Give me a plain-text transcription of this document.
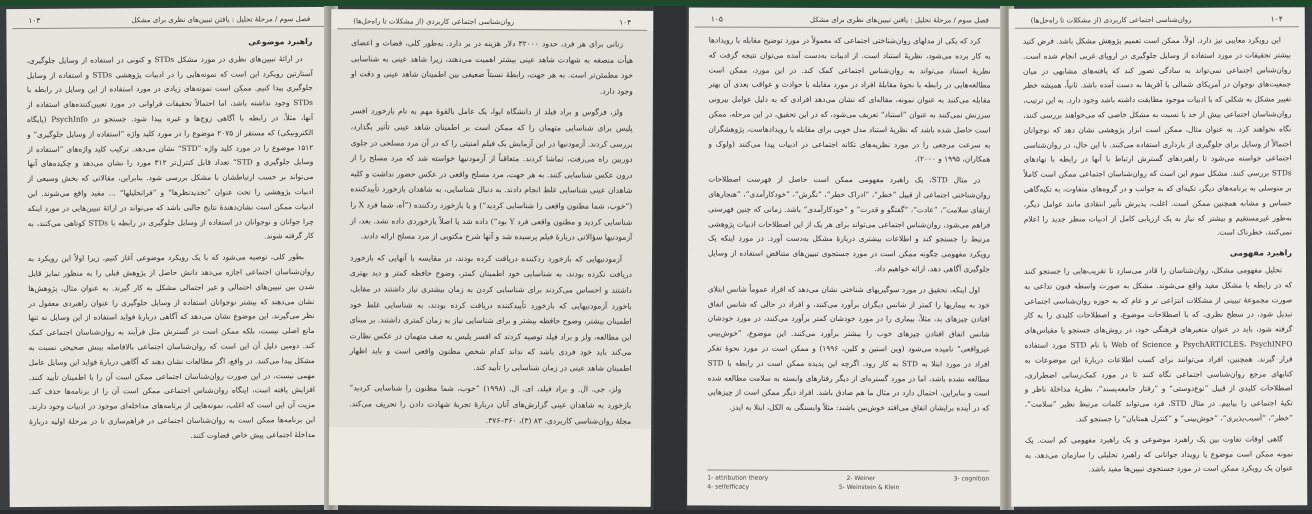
فصل سوم / مرحلهٔ تحلیل : یافتن تبیین‌های نظری برای مشکل
۱۰۳
راهبرد موضوعی

در ارائهٔ تبیین‌های نظری در مورد مشکل STDs و کنونی در استفاده از وسایل جلوگیری، آستارتین رویکرد این است که نمونه‌هایی را در ادبیات پژوهشی STDs و استفاده از وسایل جلوگیری پیدا کنیم. ممکن است نمونه‌های زیادی در مورد استفاده از این وسایل در رابطه با STDs وجود نداشته باشد، اما احتمالاً تحقیقات فراوانی در مورد تعیین‌کننده‌های استفاده از آنها، مثلاً، در رابطه با آگاهی زوج‌ها و غیره پیدا شود. جستجو در PsychInfo (پایگاه الکترونیکی) که مستقر از ۲۰۷۵ موضوع را در مورد کلید واژه ”استفاده از وسایل جلوگیری“ و ۱۵۱۲ موضوع را در مورد کلید واژه ”STD“ نشان می‌دهد. ترکیب کلید واژه‌های ”استفاده از وسایل جلوگیری و STD“ تعداد قابل کنترل‌تر ۳۱۲ مورد را نشان می‌دهد و چکیده‌های آنها می‌تواند بر حسب ارتباطشان با مشکل بررسی شود. بنابراین، مقالاتی که بخش وسیعی از ادبیات پژوهشی را تحت عنوان ”تجدیدنظرها“ و ”فراتحلیلها“ ... مفید واقع می‌شوند. این ادبیات ممکن است نشان‌دهندهٔ نتایج جالبی باشد که می‌تواند در ارائهٔ تبیین‌هایی در مورد اینکه چرا جوانان و نوجوانان در استفاده از وسایل جلوگیری در رابطه با STDs کوتاهی می‌کنند، به کار گرفته شوند.

بطور کلی، توصیه می‌شود که با یک رویکرد موضوعی آغاز کنیم، زیرا اولاً این رویکرد به روان‌شناسان اجتماعی اجازه می‌دهد دانش حاصل از پژوهش قبلی را به منظور تمایز قایل شدن بین تبیین‌های احتمالی و غیر احتمالی مشکل به کار گیرند. به عنوان مثال، پژوهش‌ها نشان می‌دهند که بیشتر نوجوانان استفاده از وسایل جلوگیری را عنوان راهبردی معقول در نظر می‌گیرند. این موضوع نشان می‌دهد که آگاهی دربارهٔ فواید استفاده از این وسایل نه تنها مانع اصلی نیست، بلکه ممکن است در گسترش مثل فرآیند به روان‌شناسان اجتماعی کمک کند. دومین دلیل آن این است که روان‌شناسان اجتماعی بالافاصله بینش صحیحی نسبت به مشکل پیدا می‌کنند. در واقع، اگر مطالعات نشان دهند که آگاهی دربارهٔ فواید این وسایل عامل مهمی نیست، در این صورت روان‌شناسان اجتماعی ممکن است آن را با اطمینان تأیید کنند. افزایش یافته است، اینگاه روان‌شناس اجتماعی ممکن است آن را از برنامه‌ها حذف کند. مزیت آن این است که اغلب، نمونه‌هایی از برنامه‌های مداخله‌ای موجود در ادبیات وجود دارند. این برنامه‌ها ممکن است به روان‌شناسان اجتماعی در فراهم‌سازی تا در مرحلهٔ اولیه دربارهٔ مداخلهٔ اجتماعی پیش خاص قضاوت کنند.

۱۰۴
روان‌شناسی اجتماعی کاربردی (از مشکلات تا راه‌حل‌ها)

زنانی برای هر فرد، حدود ۳۲۰۰۰ دلار هزینه در بر دارد. به‌طور کلی، قضات و اعضای هیأت منصفه به شهادت شاهد عینی بیشتر اهمیت می‌دهند، زیرا شاهد عینی به شناسایی خود مطمئن‌تر است. به هر جهت، رابطهٔ نسبتاً ضعیفی بین اطمینان شاهد عینی و دقت او وجود دارد.

ولز، فرگوس و براد فیلد از دانشگاه ایوا، یک عامل بالقوهٔ مهم به نام بازخورد افسر پلیس برای شناسایی متهمان را که ممکن است بر اطمینان شاهد عینی تأثیر بگذارد، بررسی کردند. آزمودنیها در این آزمایش یک فیلم امنیتی را که در آن مرد مسلحی در جلوی دوربین راه می‌رفت، تماشا کردند. متعاقباً از آزمودنیها خواسته شد که مرد مسلح را از درون عکس شناسایی کنند. به هر جهت، مرد مسلح واقعی در عکس حضور نداشت و کلیه شاهدان عینی شناسایی غلط انجام دادند. به دنبال شناسایی، به شاهدان بازخورد تأییدکننده (”خوب، شما مظنون واقعی را شناسایی کردید“) و یا بازخورد ردکننده (”آه، شما فرد X را شناسایی کردید و مظنون واقعی فرد Y بود“) داده شد یا اصلاً بازخوردی داده نشد. بعد، از آزمودنیها سؤالاتی دربارهٔ فیلم پرسیده شد و آنها شرح مکتوبی از مرد مسلح ارائه دادند.

آزمودنیهایی که بازخورد ردکننده دریافت کرده بودند، در مقایسه با آنهایی که بازخورد دریافت نکرده بودند، به شناسایی خود اطمینان کمتر، وضوح حافظه کمتر و دید بهتری داشتند و احساس می‌کردند برای شناسایی کردن به زمان بیشتری نیاز داشتند در مقابل، باخورد آزمودنیهایی که بازخورد تأییدکننده دریافت کرده بودند، به شناسایی غلط خود اطمینان بیشتر، وضوح حافظه بیشتر و برای شناسایی نیاز به زمان کمتری داشتند. بر مبنای این مطالعه، ولز و براد فیلد توصیه کردند که افسر پلیس به صف متهمان در عکس نظارت می‌کند باید خود فردی باشد که نداند کدام شخص مظنون واقعی است و باید اظهار اطمینان شاهد عینی در زمان شناسایی را تأیید کند.

ولز، جی. ال. و براد فیلد، ای. ال. (۱۹۹۸) ”خوب، شما مظنون را شناسایی کردید“ بازخورد به شاهدان عینی گزارش‌های آنان دربارهٔ تجربهٔ شهادت دادن را تحریف می‌کند. مجلهٔ روان‌شناسی کاربردی، ۸۳ (۳)، ۳۶۰–۳۷۶.

فصل سوم / مرحلهٔ تحلیل : یافتن تبیین‌های نظری برای مشکل
۱۰۵

کرد که یکی از مدلهای روان‌شناختی اجتماعی که معمولاً در مورد توضیح مقابله با رویدادها به کار برده می‌شود، نظریهٔ استناد است. از ادبیات به‌دست آمده می‌توان نتیجه گرفت که نظریهٔ استناد می‌تواند به روان‌شناس اجتماعی کمک کند. در این مورد، ممکن است مطالعه‌هایی در رابطه با نحوهٔ مقابلهٔ افراد در مورد مقابله با حوادث و عواقب بعدی آن بهتر مقابله می‌کنند به عنوان نمونه، مقاله‌ای که نشان می‌دهد افرادی که به دلیل عوامل بیرونی سرزنش نمی‌کنند به عنوان ”استناد“ تعریف می‌شود، که در این تحقیق، در این مرحله، ممکن است حاصل شده باشد که نظریهٔ استناد مدل خوبی برای مقابله با رویدادهاست، پژوهشگران به سرعت مرجعی را در مورد نظریه‌های تکانه اجتماعی در ادبیات پیدا می‌کنند (ولوک و همکاران، ۱۹۹۵ و ۲۰۰۰).

در مثال STD، یک راهبرد مفهومی ممکن است حاصل از فهرست اصطلاحات روان‌شناختی اجتماعی از قبیل ”خطر“، ”ادراک خطر“، ”نگرش“، ”خودکارآمدی“، ”هنجارهای ارتقای سلامت“، ”عادت“، ”گفتگو و قدرت“ و ”خودکارآمدی“ باشد. زمانی که چنین فهرستی فراهم می‌شود، روان‌شناس اجتماعی می‌تواند برای هر یک از این اصطلاحات ادبیات پژوهشی مرتبط را جستجو کند و اطلاعات بیشتری دربارهٔ مشکل به‌دست آورد. در مورد اینکه یک رویکرد مفهومی چگونه ممکن است در مورد جستجوی تبیین‌های متناقض استفاده از وسایل جلوگیری آگاهی دهد، ارائه خواهیم داد.

اول اینکه، تحقیق در مورد سوگیریهای شناختی نشان می‌دهد که افراد عموماً شانس ابتلای خود به بیماریها را کمتر از شانس دیگران برآورد می‌کنند، و افراد در حالی که شانس اتفاق افتادن چیزهای بد، مثلاً، بیماری را در مورد خودشان کمتر برآورد می‌کنند، در مورد خودشان شانس اتفاق افتادن چیزهای خوب را بیشتر برآورد می‌کنند. این موضوع، ”خوش‌بینی غیرواقعی“ نامیده می‌شود (وین استین و کلین، ۱۹۹۶) و ممکن است در مورد نحوهٔ تفکر افراد در مورد ابتلا به STD به کار رود. اگرچه این پدیده ممکن است در رابطه با STD مطالعه نشده باشد، اما در مورد گستره‌ای از دیگر رفتارهای وابسته به سلامت مطالعه شده است و بنابراین، احتمال دارد در مثال ما هم صادق باشد. افراد دیگر ممکن است از چیزهایی که در آینده برایشان اتفاق می‌افتد خوش‌بین باشند: مثلاً وابستگی به الکل، ابتلا به ایدز.

1- attribution theory	2- Weiner	3- cognition
4- selfefficacy	5- Weinstein & Klein
۱۰۴
روان‌شناسی اجتماعی کاربردی (از مشکلات تا راه‌حل‌ها)

این رویکرد معایبی نیز دارد. اولاً، ممکن است تعمیم پژوهش مشکل باشد. فرض کنید بیشتر تحقیقات در مورد استفاده از وسایل جلوگیری در اروپای غربی انجام شده است. روان‌شناس اجتماعی نمی‌تواند به سادگی تصور کند که یافته‌های مشابهی در میان جمعیت‌های نوجوان در آمریکای شمالی یا آفریقا به دست آمده باشد. ثانیاً، همیشه خطر تغییر مشکل به شکلی که با ادبیات موجود مطابقت داشته باشد وجود دارد. به این ترتیب، روان‌شناسان اجتماعی بیش از حد با نسبت به مشکل خاصی که می‌خواهند بررسی کنند، نگاه نخواهند کرد. به عنوان مثال، ممکن است ابزار پژوهشی نشان دهد که نوجوانان احتمالاً از وسایل برای جلوگیری از بارداری استفاده می‌کنند. با این حال، در روان‌شناسی اجتماعی خواسته می‌شود تا راهبردهای گسترش ارتباط با آنها در رابطه با نهادهای STDs بررسی کنند. مشکل سوم این است که روان‌شناسان اجتماعی ممکن است کاملاً بر متوسلی به برنامه‌های دیگر، تکیه‌ای که به جوانب و در گروه‌های متفاوت، به تکیه‌گاهی حساس و مشابه همچنین ممکن است. اغلب، پذیرش تأثیر انتقادی مانند عوامل دیگر، به‌طور غیرمستقیم و بیشتر که نیاز به یک ارزیابی کامل از ادبیات منظر جدید را اعلام نمی‌کنند، خطرناک است.

راهبرد مفهومی

تحلیل مفهومی مشکل، روان‌شناسان را قادر می‌سازد تا تقریب‌هایی را جستجو کنند که در رابطه با مشکل مفید واقع می‌شوند. مشکل به صورت واسطه فنون تداعی به صورت مجموعهٔ تبیینی از مشکلات انتزاعی تر و عام که به حوزه روان‌شناسی اجتماعی تبدیل شود، در سطح نظری، که با اصطلاحات موضوع، و اصطلاحات کلیدی را به کار گرفته شود، باید در عنوان متغیرهای فرهنگی خود، در روش‌های جستجو یا مقیاس‌های PsychARTICLES، PsychINFO و Web of Science با نام STD مورد استفاده قرار گیرند. همچنین، افراد می‌توانند برای کسب اطلاعات دربارهٔ این موضوعات به کتابهای مرجع روان‌شناسی اجتماعی نگاه کنند تا در مورد کمک‌رسانی اضطراری، اصطلاحات کلیدی از قبیل ”نوع‌دوستی“ و ”رفتار جامعه‌پسند“، نظریهٔ مداخلهٔ ناظر و تکیهٔ اجتماعی را بیابیم. در مثال STD، فرد می‌تواند کلمات مرتبط نظیر ”سلامت“، ”خطر“، ”آسیب‌پذیری“، ”خوش‌بینی“ و ”کنترل همتایان“ را جستجو کند.

گاهی اوقات تفاوت بین یک راهبرد موضوعی و یک راهبرد مفهومی کم است. یک نمونه ممکن است موضوع یا رویداد جوانانی که راهبرد تحلیلی را سازمان می‌دهد، به عنوان یک رویکرد ممکن است در مورد جستجوی تبیین‌ها مفید باشد.
